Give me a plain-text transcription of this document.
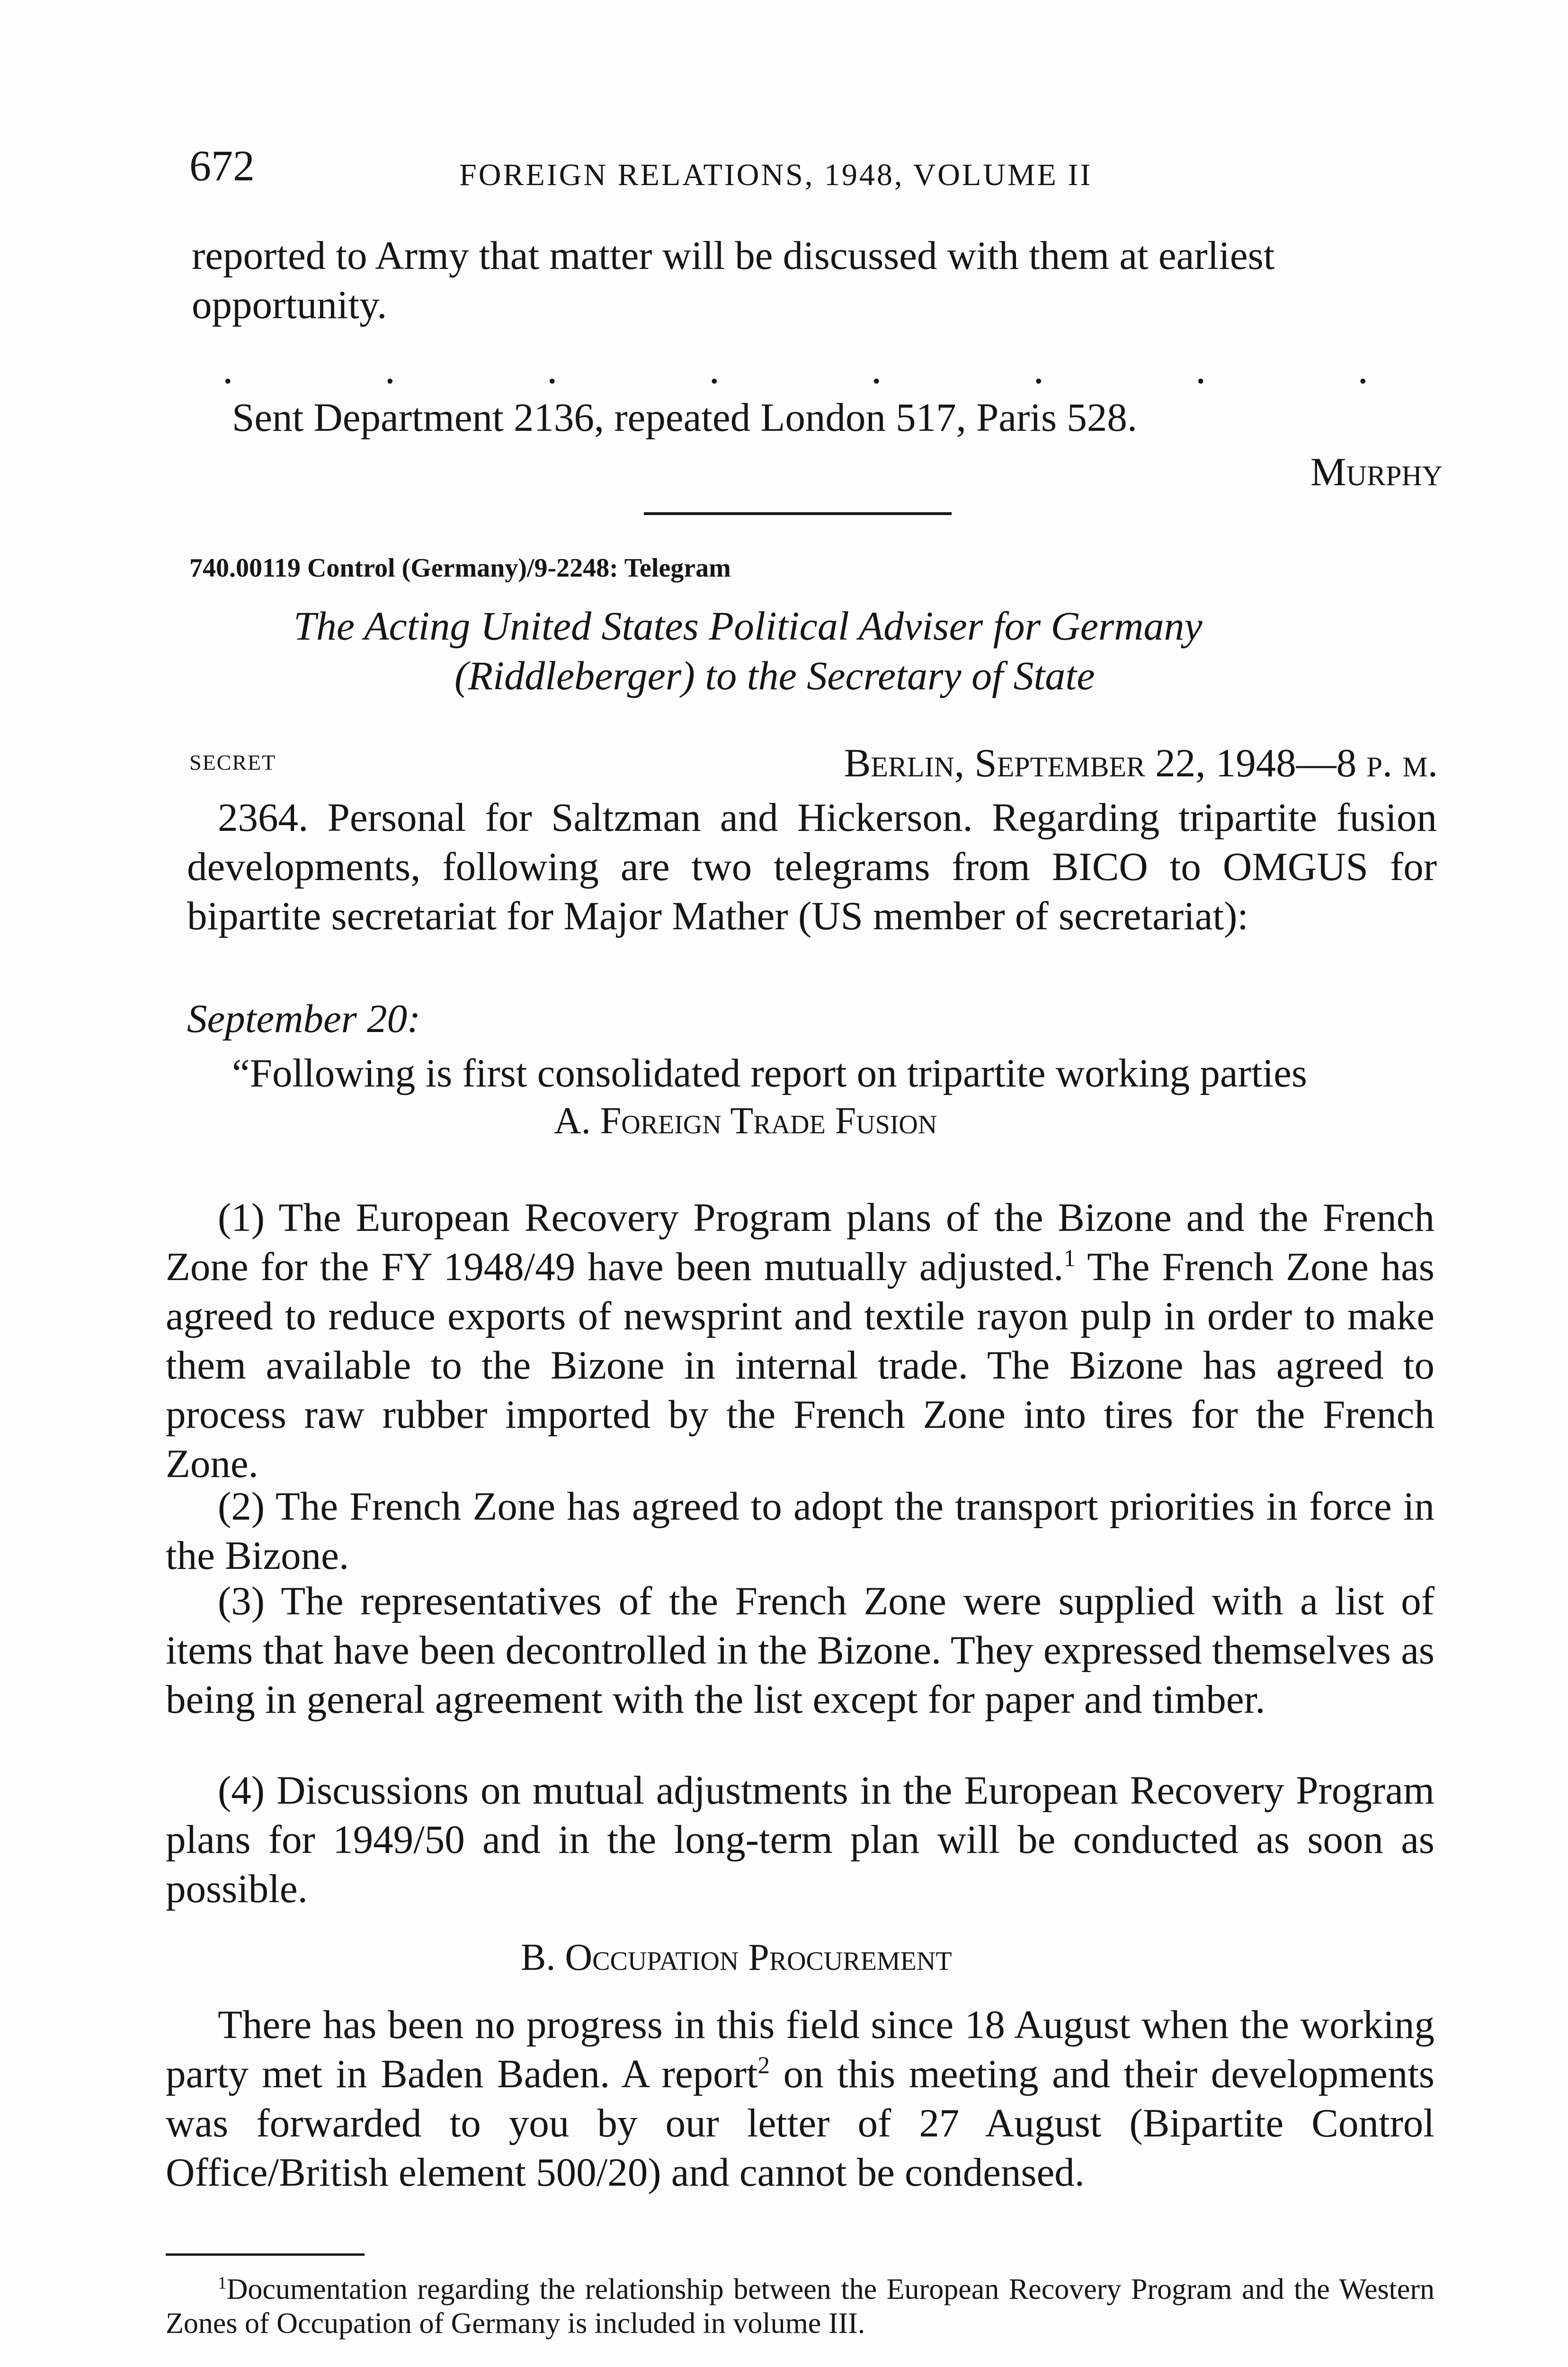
672	FOREIGN RELATIONS, 1948, VOLUME II
reported to Army that matter will be discussed with them at earliest opportunity.
.	.	.	.	.	.	.	.
Sent Department 2136, repeated London 517, Paris 528.
Murphy
740.00119 Control (Germany)/9-2248: Telegram
The Acting United States Political Adviser for Germany
(Riddleberger) to the Secretary of State
secret	Berlin, September 22, 1948—8 p. m.
2364. Personal for Saltzman and Hickerson. Regarding tripartite fusion developments, following are two telegrams from BICO to OMGUS for bipartite secretariat for Major Mather (US member of secretariat):
September 20:
“Following is first consolidated report on tripartite working parties
A. Foreign Trade Fusion
(1) The European Recovery Program plans of the Bizone and the French Zone for the FY 1948/49 have been mutually adjusted.$^1$ The French Zone has agreed to reduce exports of newsprint and textile rayon pulp in order to make them available to the Bizone in internal trade. The Bizone has agreed to process raw rubber imported by the French Zone into tires for the French Zone.
(2) The French Zone has agreed to adopt the transport priorities in force in the Bizone.
(3) The representatives of the French Zone were supplied with a list of items that have been decontrolled in the Bizone. They expressed themselves as being in general agreement with the list except for paper and timber.
(4) Discussions on mutual adjustments in the European Recovery Program plans for 1949/50 and in the long-term plan will be conducted as soon as possible.
B. Occupation Procurement
There has been no progress in this field since 18 August when the working party met in Baden Baden. A report$^2$ on this meeting and their developments was forwarded to you by our letter of 27 August (Bipartite Control Office/British element 500/20) and cannot be condensed.
$^1$Documentation regarding the relationship between the European Recovery Program and the Western Zones of Occupation of Germany is included in volume III.
